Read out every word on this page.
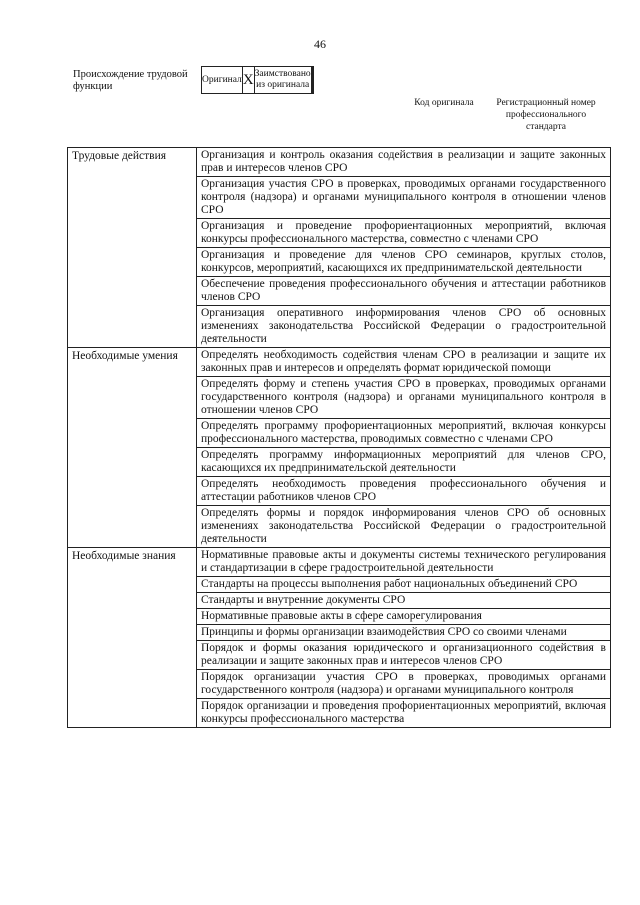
46
Происхождение трудовой функции
Оригинал	X	Заимствовано из оригинала		
Код оригинала	Регистрационный номер профессионального стандарта
Трудовые действия	Организация и контроль оказания содействия в реализации и защите законных прав и интересов членов СРО
	Организация участия СРО в проверках, проводимых органами государственного контроля (надзора) и органами муниципального контроля в отношении членов СРО
	Организация и проведение профориентационных мероприятий, включая конкурсы профессионального мастерства, совместно с членами СРО
	Организация и проведение для членов СРО семинаров, круглых столов, конкурсов, мероприятий, касающихся их предпринимательской деятельности
	Обеспечение проведения профессионального обучения и аттестации работников членов СРО
	Организация оперативного информирования членов СРО об основных изменениях законодательства Российской Федерации о градостроительной деятельности
Необходимые умения	Определять необходимость содействия членам СРО в реализации и защите их законных прав и интересов и определять формат юридической помощи
	Определять форму и степень участия СРО в проверках, проводимых органами государственного контроля (надзора) и органами муниципального контроля в отношении членов СРО
	Определять программу профориентационных мероприятий, включая конкурсы профессионального мастерства, проводимых совместно с членами СРО
	Определять программу информационных мероприятий для членов СРО, касающихся их предпринимательской деятельности
	Определять необходимость проведения профессионального обучения и аттестации работников членов СРО
	Определять формы и порядок информирования членов СРО об основных изменениях законодательства Российской Федерации о градостроительной деятельности
Необходимые знания	Нормативные правовые акты и документы системы технического регулирования и стандартизации в сфере градостроительной деятельности
	Стандарты на процессы выполнения работ национальных объединений СРО
	Стандарты и внутренние документы СРО
	Нормативные правовые акты в сфере саморегулирования
	Принципы и формы организации взаимодействия СРО со своими членами
	Порядок и формы оказания юридического и организационного содействия в реализации и защите законных прав и интересов членов СРО
	Порядок организации участия СРО в проверках, проводимых органами государственного контроля (надзора) и органами муниципального контроля
	Порядок организации и проведения профориентационных мероприятий, включая конкурсы профессионального мастерства
